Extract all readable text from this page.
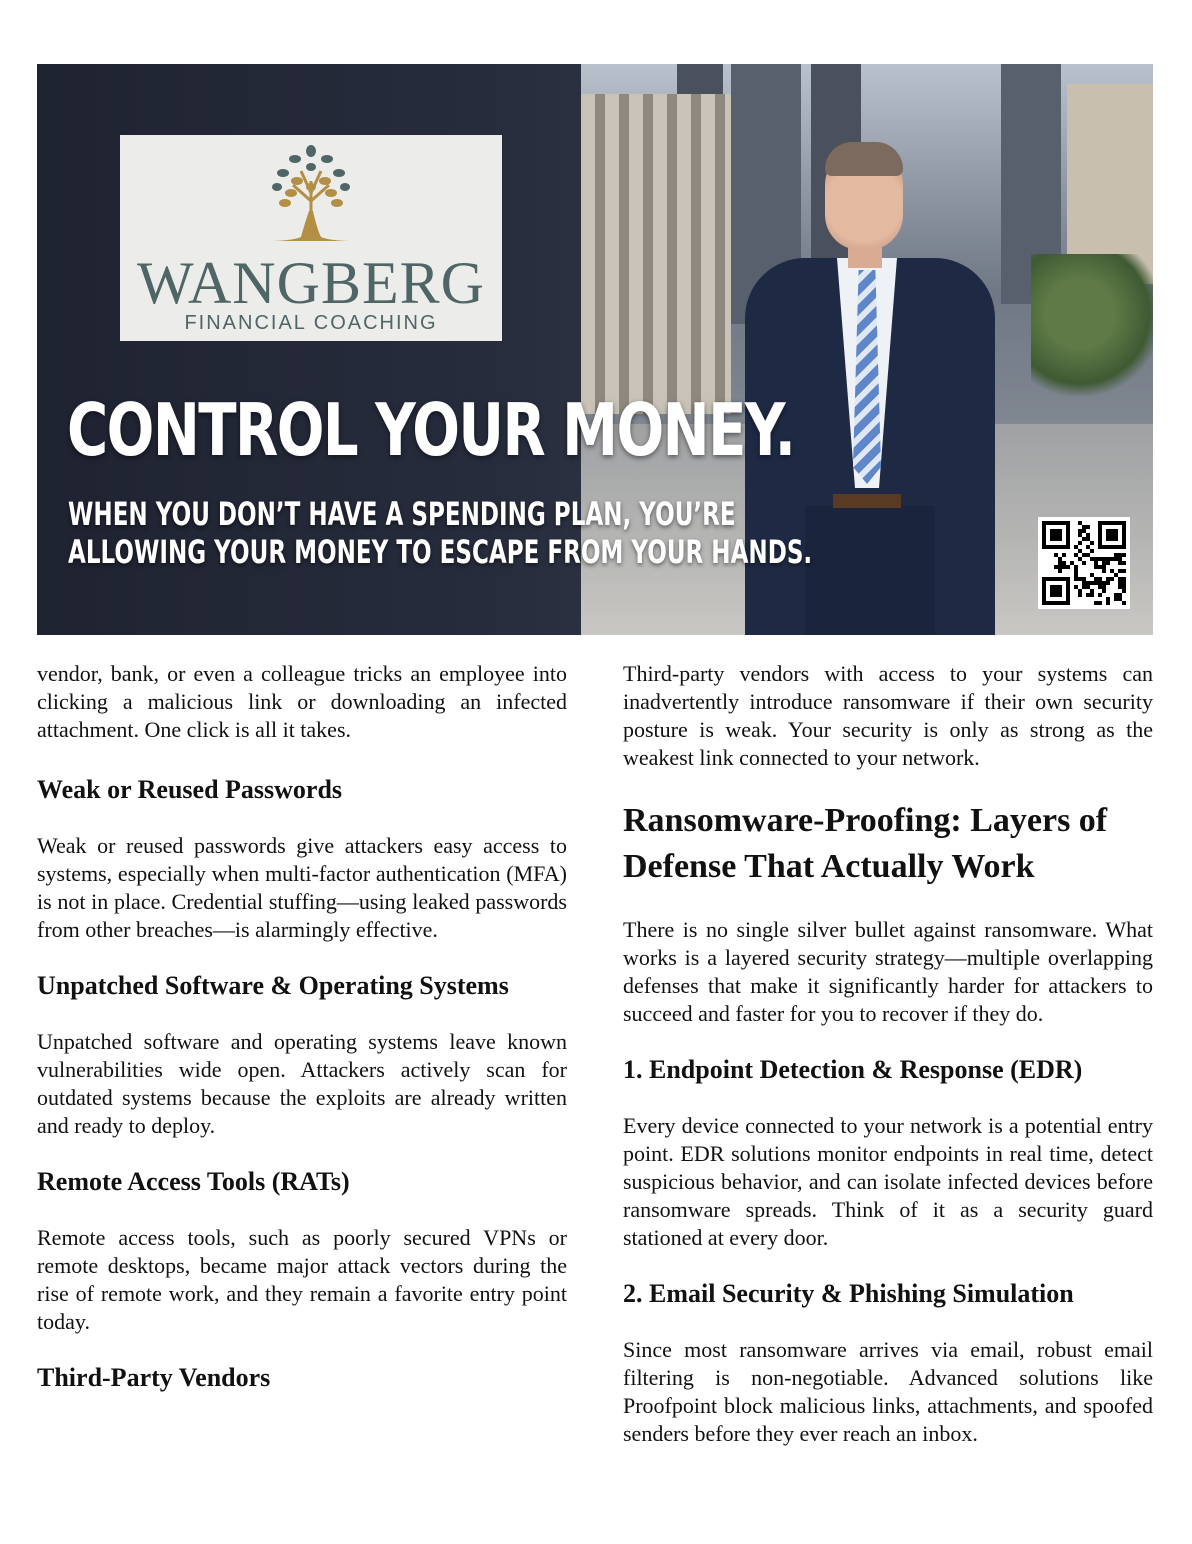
WANGBERG
FINANCIAL COACHING
CONTROL YOUR MONEY.
WHEN YOU DON’T HAVE A SPENDING PLAN, YOU’RE
ALLOWING YOUR MONEY TO ESCAPE FROM YOUR HANDS.

vendor, bank, or even a colleague tricks an employee into clicking a malicious link or downloading an infected attachment. One click is all it takes.

Weak or Reused Passwords

Weak or reused passwords give attackers easy access to systems, especially when multi-factor authentication (MFA) is not in place. Credential stuffing—using leaked passwords from other breaches—is alarmingly effective.

Unpatched Software & Operating Systems

Unpatched software and operating systems leave known vulnerabilities wide open. Attackers actively scan for outdated systems because the exploits are already written and ready to deploy.

Remote Access Tools (RATs)

Remote access tools, such as poorly secured VPNs or remote desktops, became major attack vectors during the rise of remote work, and they remain a favorite entry point today.

Third-Party Vendors

Third-party vendors with access to your systems can inadvertently introduce ransomware if their own security posture is weak. Your security is only as strong as the weakest link connected to your network.

Ransomware-Proofing: Layers of Defense That Actually Work

There is no single silver bullet against ransomware. What works is a layered security strategy—multiple overlapping defenses that make it significantly harder for attackers to succeed and faster for you to recover if they do.

1. Endpoint Detection & Response (EDR)

Every device connected to your network is a potential entry point. EDR solutions monitor endpoints in real time, detect suspicious behavior, and can isolate infected devices before ransomware spreads. Think of it as a security guard stationed at every door.

2. Email Security & Phishing Simulation

Since most ransomware arrives via email, robust email filtering is non-negotiable. Advanced solutions like Proofpoint block malicious links, attachments, and spoofed senders before they ever reach an inbox.
